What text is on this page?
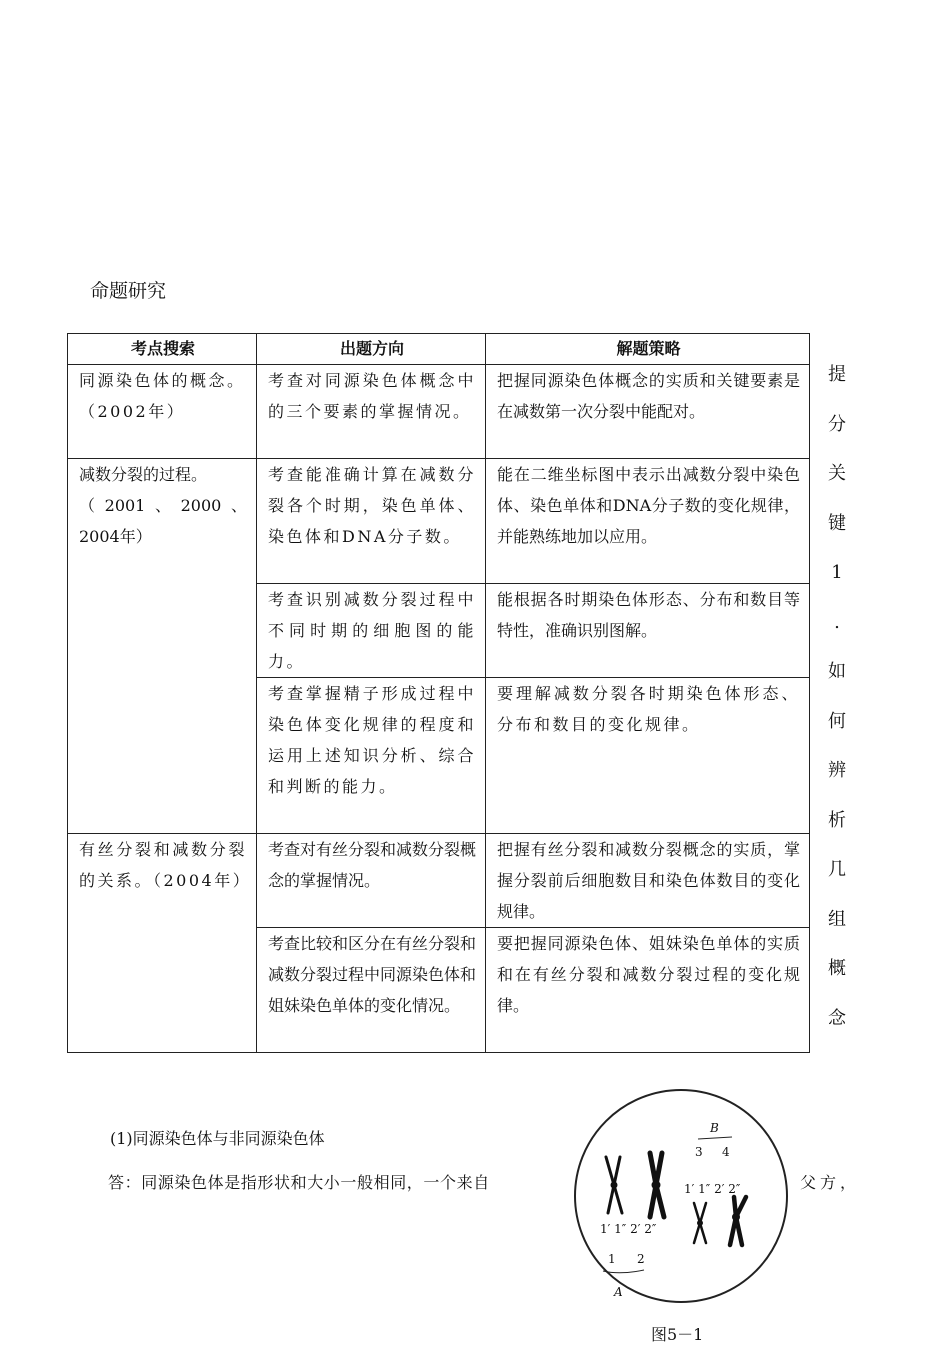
命题研究
考点搜索	出题方向	解题策略

同源染色体的概念。
（2002年）	考查对同源染色体概念中的三个要素的掌握情况。	把握同源染色体概念的实质和关键要素是在减数第一次分裂中能配对。

减数分裂的过程。
（2001、2000、2004年）	考查能准确计算在减数分裂各个时期，染色单体、染色体和DNA分子数。	能在二维坐标图中表示出减数分裂中染色体、染色单体和DNA分子数的变化规律，并能熟练地加以应用。
	考查识别减数分裂过程中不同时期的细胞图的能力。	能根据各时期染色体形态、分布和数目等特性，准确识别图解。
	考查掌握精子形成过程中染色体变化规律的程度和运用上述知识分析、综合和判断的能力。	要理解减数分裂各时期染色体形态、分布和数目的变化规律。
有丝分裂和减数分裂的关系。（2004年）	考查对有丝分裂和减数分裂概念的掌握情况。	把握有丝分裂和减数分裂概念的实质，掌握分裂前后细胞数目和染色体数目的变化规律。
	考查比较和区分在有丝分裂和减数分裂过程中同源染色体和姐妹染色单体的变化情况。	要把握同源染色体、姐妹染色单体的实质和在有丝分裂和减数分裂过程的变化规律。
提
分
关
键
1
.
如
何
辨
析
几
组
概
念
(1)同源染色体与非同源染色体
答：同源染色体是指形状和大小一般相同，一个来自	父方，
B
3 4
1′ 1″ 2′ 2″
1′ 1″ 2′ 2″
1 2
A
图5－1
